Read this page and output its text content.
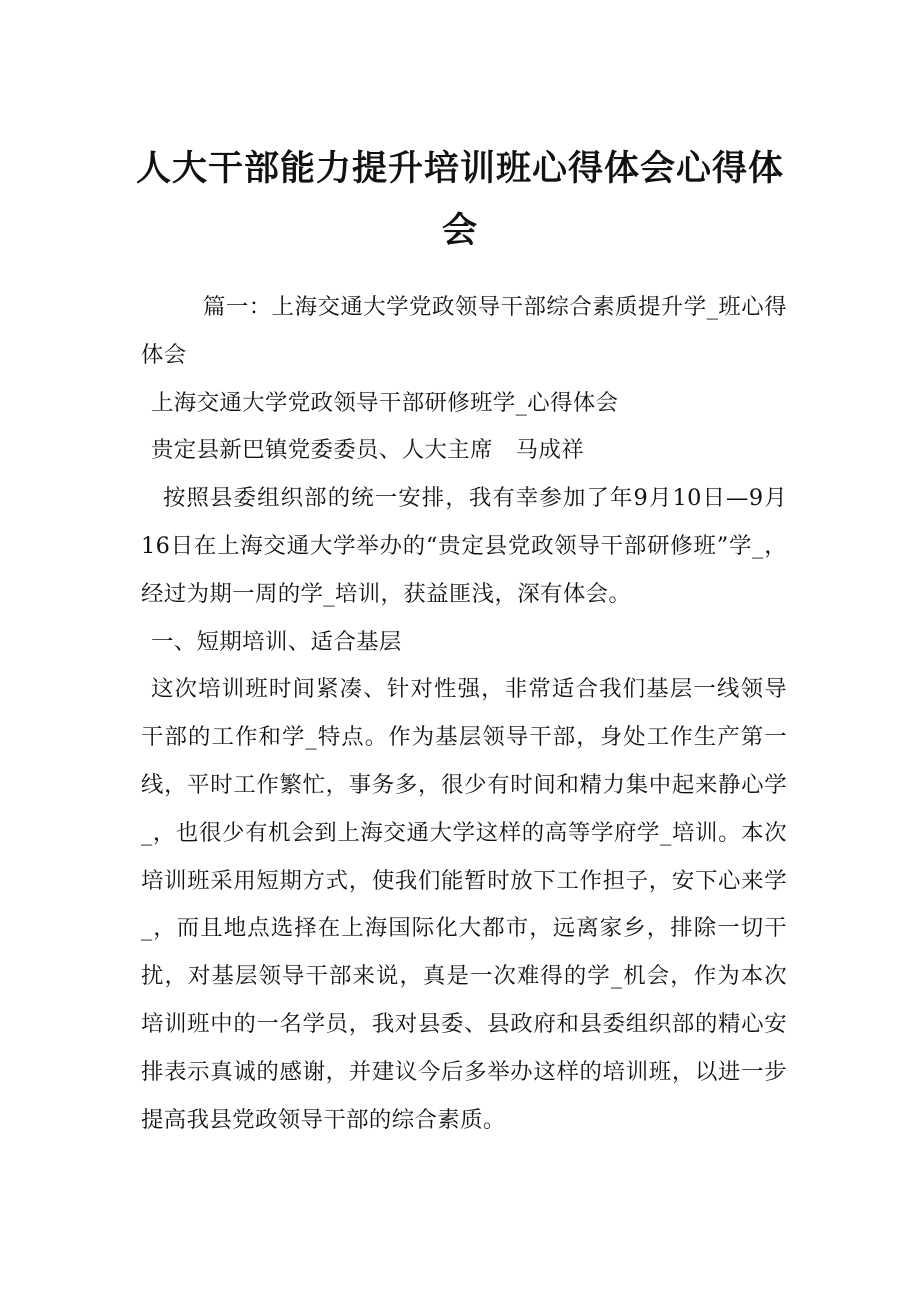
人大干部能力提升培训班心得体会心得体会

篇一：上海交通大学党政领导干部综合素质提升学_班心得体会

上海交通大学党政领导干部研修班学_心得体会

贵定县新巴镇党委委员、人大主席　马成祥

按照县委组织部的统一安排，我有幸参加了年9月10日—9月16日在上海交通大学举办的“贵定县党政领导干部研修班”学_，经过为期一周的学_培训，获益匪浅，深有体会。

一、短期培训、适合基层

这次培训班时间紧凑、针对性强，非常适合我们基层一线领导干部的工作和学_特点。作为基层领导干部，身处工作生产第一线，平时工作繁忙，事务多，很少有时间和精力集中起来静心学_，也很少有机会到上海交通大学这样的高等学府学_培训。本次培训班采用短期方式，使我们能暂时放下工作担子，安下心来学_，而且地点选择在上海国际化大都市，远离家乡，排除一切干扰，对基层领导干部来说，真是一次难得的学_机会，作为本次培训班中的一名学员，我对县委、县政府和县委组织部的精心安排表示真诚的感谢，并建议今后多举办这样的培训班，以进一步提高我县党政领导干部的综合素质。
